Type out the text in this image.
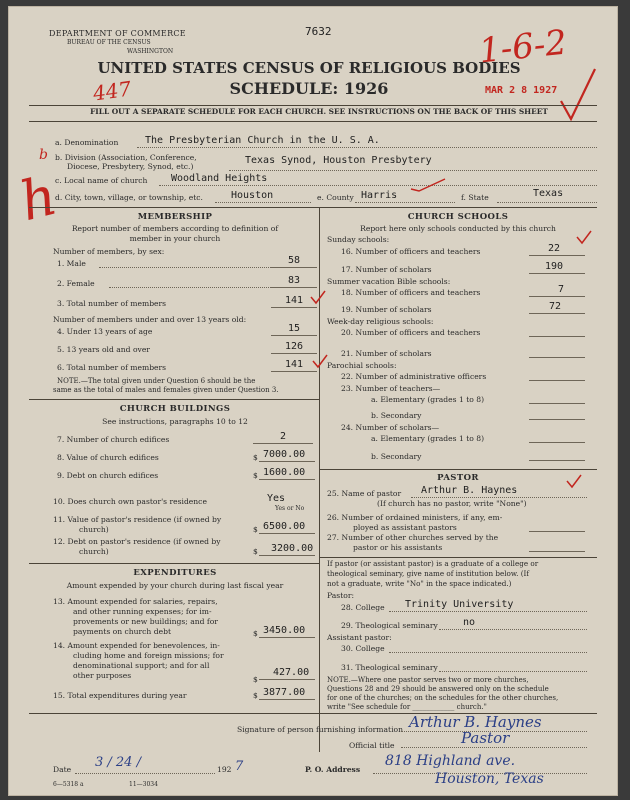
DEPARTMENT OF COMMERCE
BUREAU OF THE CENSUS
WASHINGTON
7632
UNITED STATES CENSUS OF RELIGIOUS BODIES
SCHEDULE: 1926
447
1-6-2
MAR 2 8 1927
FILL OUT A SEPARATE SCHEDULE FOR EACH CHURCH. SEE INSTRUCTIONS ON THE BACK OF THIS SHEET
h
b
a. Denomination	The Presbyterian Church in the U. S. A.
b. Division (Association, Conference,
Diocese, Presbytery, Synod, etc.)
Texas Synod, Houston Presbytery
c. Local name of church Woodland Heights
d. City, town, village, or township, etc.	Houston	e. County Harris	f. State	Texas
MEMBERSHIP
Report number of members according to definition of
member in your church
Number of members, by sex:
1. Male	58
2. Female	83
3. Total number of members	141
Number of members under and over 13 years old:
4. Under 13 years of age	15
5. 13 years old and over	126
6. Total number of members	141
NOTE.—The total given under Question 6 should be the
same as the total of males and females given under Question 3.
CHURCH BUILDINGS
See instructions, paragraphs 10 to 12
7. Number of church edifices	2
8. Value of church edifices	$ 7000.00
9. Debt on church edifices	$ 1600.00
10. Does church own pastor's residence	Yes
Yes or No
11. Value of pastor's residence (if owned by
church)	$ 6500.00
12. Debt on pastor's residence (if owned by
church)	$ 3200.00
EXPENDITURES
Amount expended by your church during last fiscal year
13. Amount expended for salaries, repairs,
and other running expenses; for im-
provements or new buildings; and for
payments on church debt	$ 3450.00
14. Amount expended for benevolences, in-
cluding home and foreign missions; for
denominational support; and for all
other purposes	427.00
$
15. Total expenditures during year	$ 3877.00
CHURCH SCHOOLS
Report here only schools conducted by this church
Sunday schools:
16. Number of officers and teachers	22
17. Number of scholars	190
Summer vacation Bible schools:
18. Number of officers and teachers	7
19. Number of scholars	72
Week-day religious schools:
20. Number of officers and teachers
21. Number of scholars
Parochial schools:
22. Number of administrative officers
23. Number of teachers—
a. Elementary (grades 1 to 8)
b. Secondary
24. Number of scholars—
a. Elementary (grades 1 to 8)
b. Secondary
PASTOR
25. Name of pastor Arthur B. Haynes
(If church has no pastor, write "None")
26. Number of ordained ministers, if any, em-
ployed as assistant pastors
27. Number of other churches served by the
pastor or his assistants
If pastor (or assistant pastor) is a graduate of a college or
theological seminary, give name of institution below. (If
not a graduate, write "No" in the space indicated.)
Pastor:
28. College Trinity University
29. Theological seminary	no
Assistant pastor:
30. College
31. Theological seminary
NOTE.—Where one pastor serves two or more churches,
Questions 28 and 29 should be answered only on the schedule
for one of the churches; on the schedules for the other churches,
write "See schedule for ____________ church."
Signature of person furnishing information Arthur B. Haynes
Official title	Pastor
Date 3 / 24 /	192 7	P. O. Address
818 Highland ave.
Houston, Texas
6—5318 a	11—3034
